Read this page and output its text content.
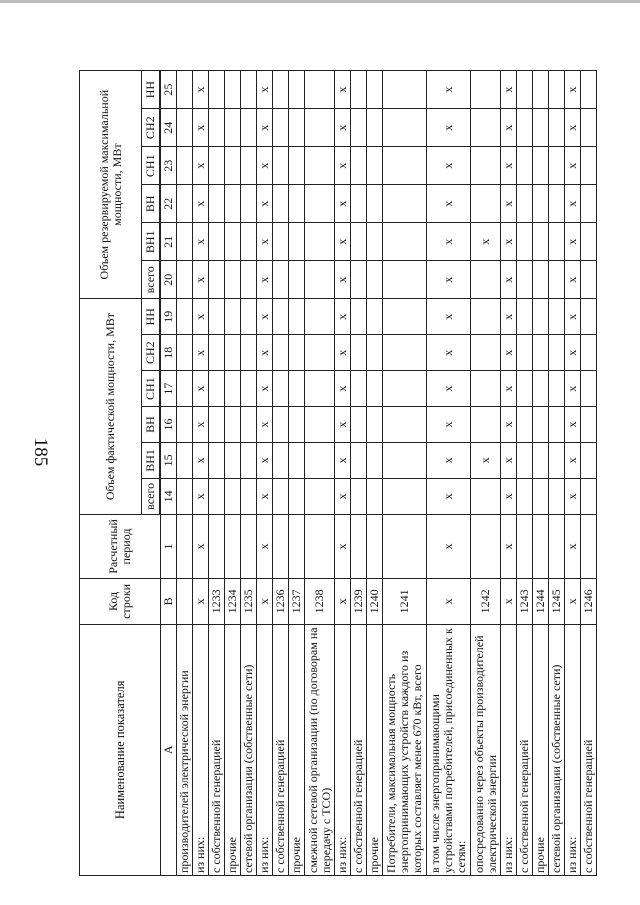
185
Наименование показателя	Код строки	Расчетный период	Объем фактической мощности, МВт						Объем резервируемой максимальной мощности, МВт					
			всего	ВН1	ВН	СН1	СН2	НН	всего	ВН1	ВН	СН1	СН2	НН

А	В	1	14	15	16	17	18	19	20	21	22	23	24	25
производителей электрической энергии														
из них:	х	х	х	х	х	х	х	х	х	х	х	х	х	х
с собственной генерацией	1233													
прочие	1234													
сетевой организации (собственные сети)	1235													
из них:	х	х	х	х	х	х	х	х	х	х	х	х	х	х
с собственной генерацией	1236													
прочие	1237													
смежной сетевой организации (по договорам на передачу с ТСО)	1238													
из них:	х	х	х	х	х	х	х	х	х	х	х	х	х	х
с собственной генерацией	1239													
прочие	1240													
Потребители, максимальная мощность энергопринимающих устройств каждого из которых составляет менее 670 кВт, всего	1241													
в том числе энергопринимающими устройствами потребителей, присоединенных к сетям:	х	х	х	х	х	х	х	х	х	х	х	х	х	х
опосредованно через объекты производителей электрической энергии	1242			х						х				
из них:	х	х	х	х	х	х	х	х	х	х	х	х	х	х
с собственной генерацией	1243													
прочие	1244													
сетевой организации (собственные сети)	1245													
из них:	х	х	х	х	х	х	х	х	х	х	х	х	х	х
с собственной генерацией	1246													
